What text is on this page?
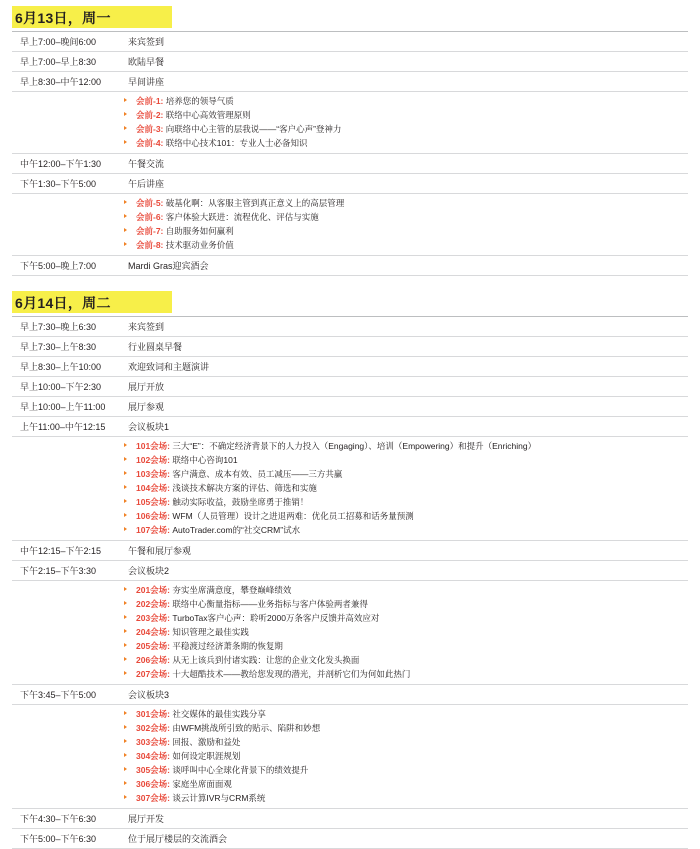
6月13日，周一
早上7:00–晚间6:00	来宾签到

早上7:00–早上8:30	欧陆早餐

早上8:30–中午12:00	早间讲座

会前-1: 培养您的领导气质
会前-2: 联络中心高效管理原则
会前-3: 向联络中心主管的层我说——“客户心声”登神力
会前-4: 联络中心技术101：专业人士必备知识	

中午12:00–下午1:30	午餐交流

下午1:30–下午5:00	午后讲座

会前-5: 破基化啊：从客服主管到真正意义上的高层管理
会前-6: 客户体验大跃进：流程优化、评估与实施
会前-7: 自助服务如何赢利
会前-8: 技术驱动业务价值	

下午5:00–晚上7:00	Mardi Gras迎宾酒会
6月14日，周二
早上7:30–晚上6:30	来宾签到

早上7:30–上午8:30	行业圆桌早餐

早上8:30–上午10:00	欢迎致词和主题演讲

早上10:00–下午2:30	展厅开放

早上10:00–上午11:00	展厅参观

上午11:00–中午12:15	会议板块1

101会场: 三大“E”：不确定经济背景下的人力投入（Engaging）、培训（Empowering）和提升（Enriching）
102会场: 联络中心咨询101
103会场: 客户满意、成本有效、员工减压——三方共赢
104会场: 浅谈技术解决方案的评估、筛选和实施
105会场: 触动实际收益，鼓励坐席勇于推销！
106会场: WFM（人员管理）设计之进退两难：优化员工招募和话务量预测
107会场: AutoTrader.com的“社交CRM”试水

中午12:15–下午2:15	午餐和展厅参观

下午2:15–下午3:30	会议板块2

201会场: 夯实坐席满意度，攀登巅峰绩效
202会场: 联络中心衡量指标——业务指标与客户体验两者兼得
203会场: TurboTax客户心声：聆听2000万条客户反馈并高效应对
204会场: 知识管理之最佳实践
205会场: 平稳渡过经济萧条期的恢复期
206会场: 从无上该兵到付诸实践：让您的企业文化发头换面
207会场: 十大超酷技术——教给您发现的潜光，并剖析它们为何如此热门

下午3:45–下午5:00	会议板块3

301会场: 社交媒体的最佳实践分享
302会场: 由WFM挑战所引致的贴示、陷阱和妙想
303会场: 回报、激励和益处
304会场: 如何设定职涯规划
305会场: 谈呼叫中心全球化背景下的绩效提升
306会场: 家庭坐席面面观
307会场: 谈云计算IVR与CRM系统

下午4:30–下午6:30	展厅开发

下午5:00–下午6:30	位于展厅楼层的交流酒会
